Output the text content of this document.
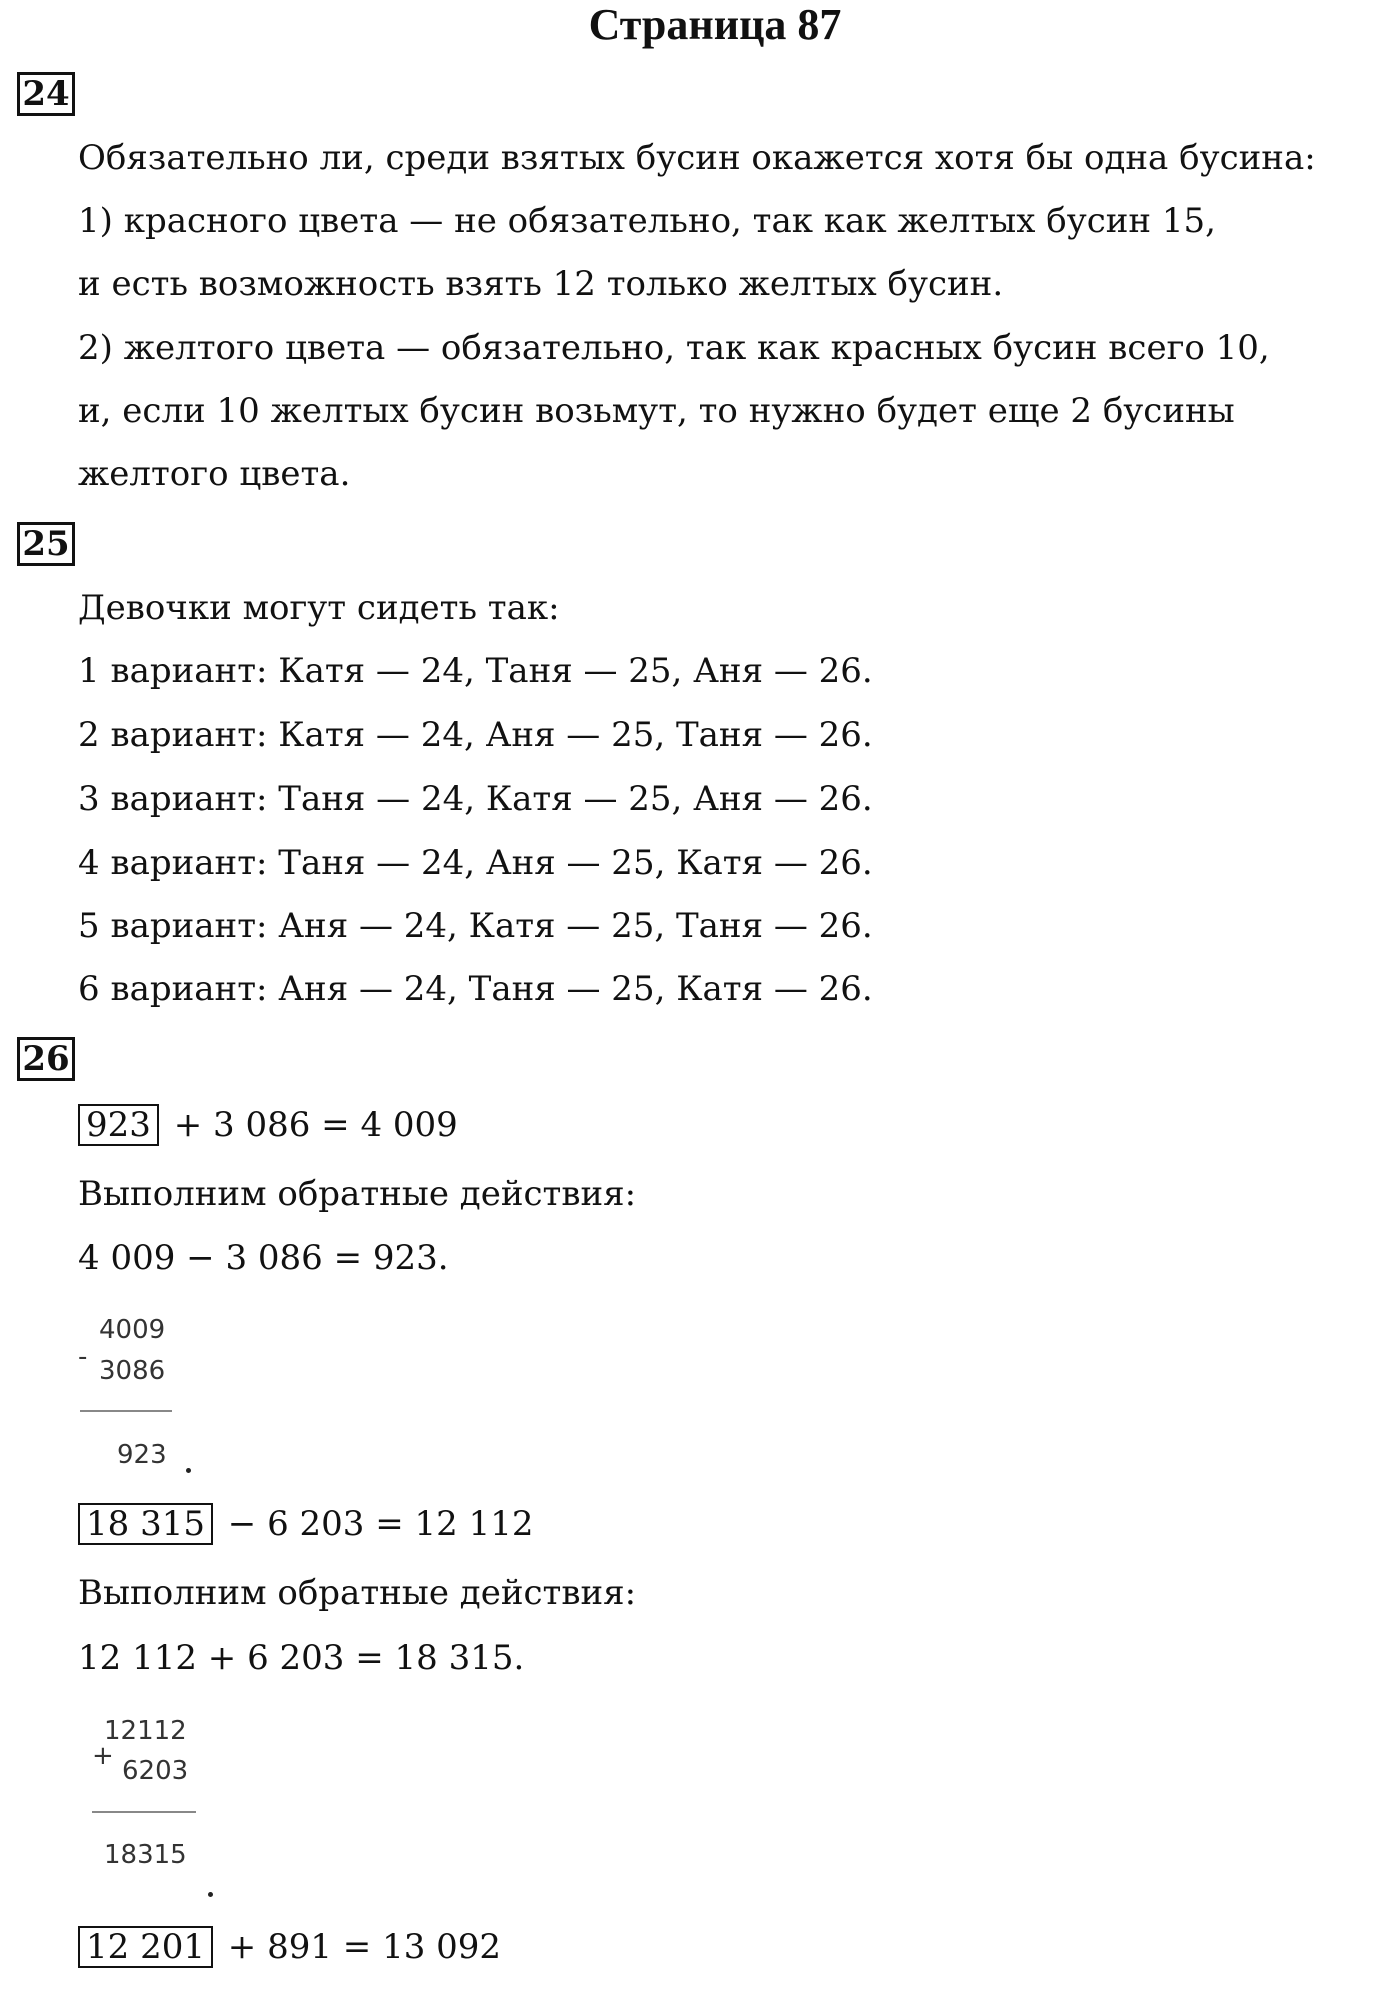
Страница 87
24
Обязательно ли, среди взятых бусин окажется хотя бы одна бусина:
1) красного цвета — не обязательно, так как желтых бусин 15,
и есть возможность взять 12 только желтых бусин.
2) желтого цвета — обязательно, так как красных бусин всего 10,
и, если 10 желтых бусин возьмут, то нужно будет еще 2 бусины
желтого цвета.
25
Девочки могут сидеть так:
1 вариант: Катя — 24, Таня — 25, Аня — 26.
2 вариант: Катя — 24, Аня — 25, Таня — 26.
3 вариант: Таня — 24, Катя — 25, Аня — 26.
4 вариант: Таня — 24, Аня — 25, Катя — 26.
5 вариант: Аня — 24, Катя — 25, Таня — 26.
6 вариант: Аня — 24, Таня — 25, Катя — 26.
26
923 + 3 086 = 4 009
Выполним обратные действия:
4 009 − 3 086 = 923.
-
4009
3086
923
18 315 − 6 203 = 12 112
Выполним обратные действия:
12 112 + 6 203 = 18 315.
+
12112
6203
18315
12 201 + 891 = 13 092
